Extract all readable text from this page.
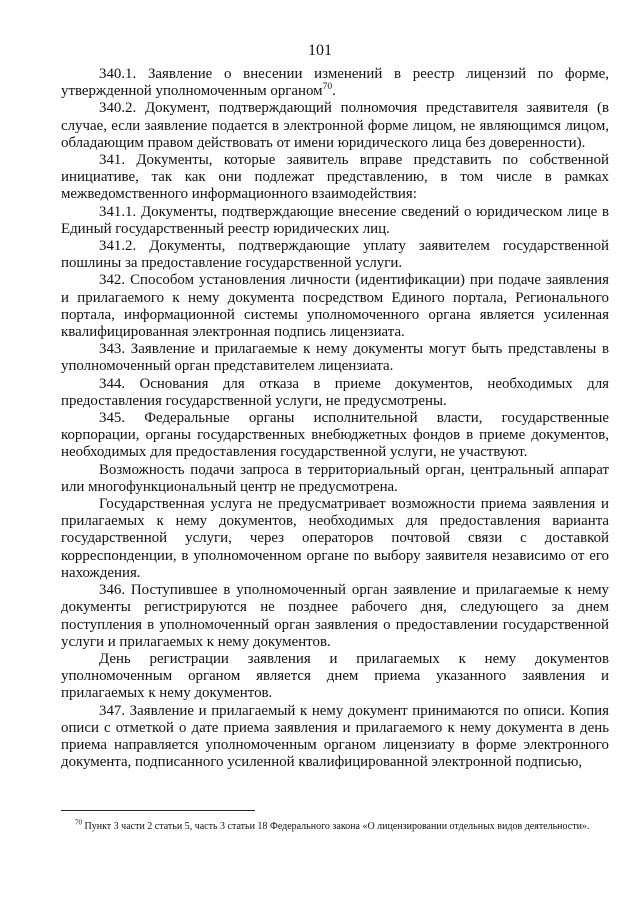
101

340.1. Заявление о внесении изменений в реестр лицензий по форме, утвержденной уполномоченным органом$^{70}$.

340.2. Документ, подтверждающий полномочия представителя заявителя (в случае, если заявление подается в электронной форме лицом, не являющимся лицом, обладающим правом действовать от имени юридического лица без доверенности).

341. Документы, которые заявитель вправе представить по собственной инициативе, так как они подлежат представлению, в том числе в рамках межведомственного информационного взаимодействия:

341.1. Документы, подтверждающие внесение сведений о юридическом лице в Единый государственный реестр юридических лиц.

341.2. Документы, подтверждающие уплату заявителем государственной пошлины за предоставление государственной услуги.

342. Способом установления личности (идентификации) при подаче заявления и прилагаемого к нему документа посредством Единого портала, Регионального портала, информационной системы уполномоченного органа является усиленная квалифицированная электронная подпись лицензиата.

343. Заявление и прилагаемые к нему документы могут быть представлены в уполномоченный орган представителем лицензиата.

344. Основания для отказа в приеме документов, необходимых для предоставления государственной услуги, не предусмотрены.

345. Федеральные органы исполнительной власти, государственные корпорации, органы государственных внебюджетных фондов в приеме документов, необходимых для предоставления государственной услуги, не участвуют.

Возможность подачи запроса в территориальный орган, центральный аппарат или многофункциональный центр не предусмотрена.

Государственная услуга не предусматривает возможности приема заявления и прилагаемых к нему документов, необходимых для предоставления варианта государственной услуги, через операторов почтовой связи с доставкой корреспонденции, в уполномоченном органе по выбору заявителя независимо от его нахождения.

346. Поступившее в уполномоченный орган заявление и прилагаемые к нему документы регистрируются не позднее рабочего дня, следующего за днем поступления в уполномоченный орган заявления о предоставлении государственной услуги и прилагаемых к нему документов.

День регистрации заявления и прилагаемых к нему документов уполномоченным органом является днем приема указанного заявления и прилагаемых к нему документов.

347. Заявление и прилагаемый к нему документ принимаются по описи. Копия описи с отметкой о дате приема заявления и прилагаемого к нему документа в день приема направляется уполномоченным органом лицензиату в форме электронного документа, подписанного усиленной квалифицированной электронной подписью,

$^{70}$ Пункт 3 части 2 статьи 5, часть 3 статьи 18 Федерального закона «О лицензировании отдельных видов деятельности».
